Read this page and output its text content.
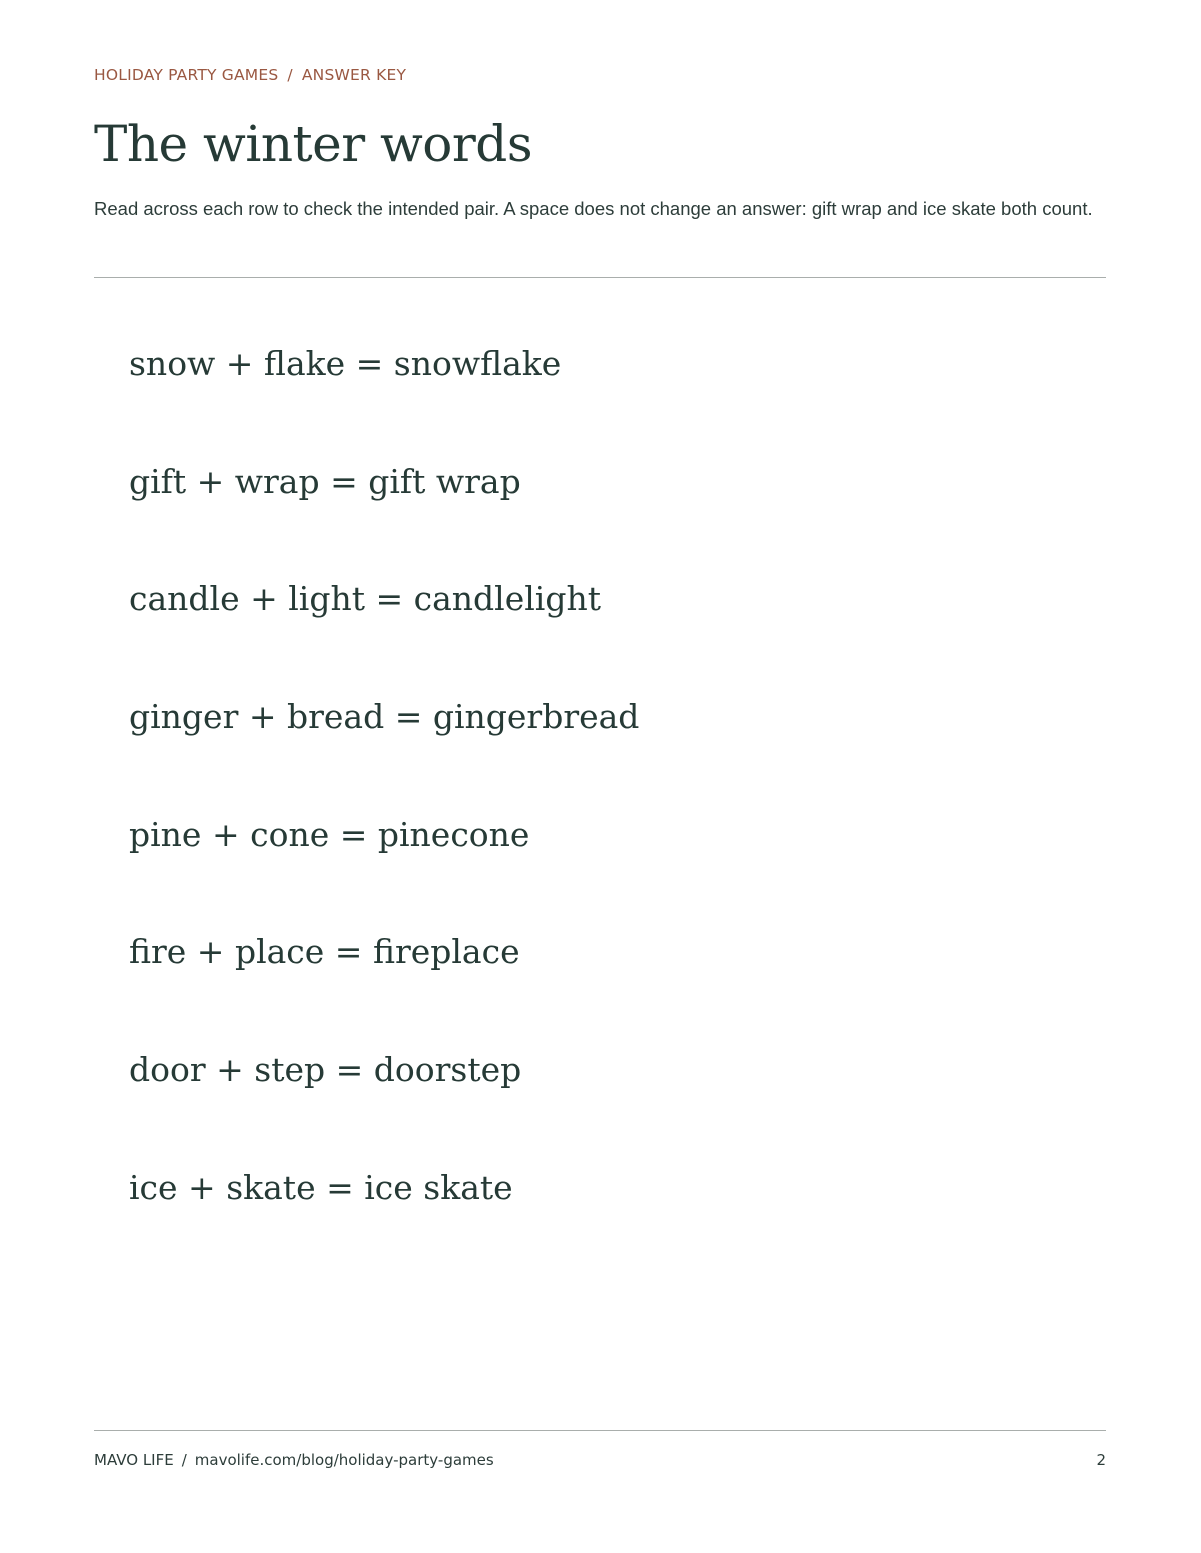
HOLIDAY PARTY GAMES / ANSWER KEY
The winter words

Read across each row to check the intended pair. A space does not change an answer: gift wrap and ice skate both count.

snow + flake = snowflake
gift + wrap = gift wrap
candle + light = candlelight
ginger + bread = gingerbread
pine + cone = pinecone
fire + place = fireplace
door + step = doorstep
ice + skate = ice skate
MAVO LIFE / mavolife.com/blog/holiday-party-games	2
